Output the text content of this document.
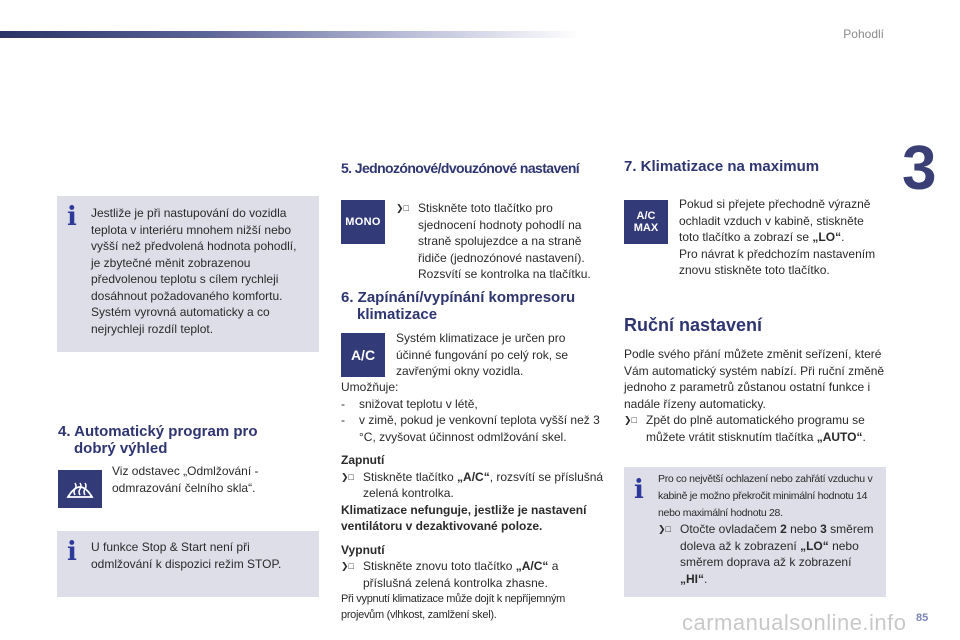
Pohodlí
3
i Jestliže je při nastupování do vozidla teplota v interiéru mnohem nižší nebo vyšší než předvolená hodnota pohodlí, je zbytečné měnit zobrazenou předvolenou teplotu s cílem rychleji dosáhnout požadovaného komfortu. Systém vyrovná automaticky a co nejrychleji rozdíl teplot.
4. Automatický program pro
dobrý výhled
Viz odstavec „Odmlžování - odmrazování čelního skla“.
i U funkce Stop & Start není při odmlžování k dispozici režim STOP.
5. Jednozónové/dvouzónové nastavení
MONO
❯□ Stiskněte toto tlačítko pro sjednocení hodnoty pohodlí na straně spolujezdce a na straně řidiče (jednozónové nastavení). Rozsvítí se kontrolka na tlačítku.
6. Zapínání/vypínání kompresoru
klimatizace
A/C
Systém klimatizace je určen pro účinné fungování po celý rok, se zavřenými okny vozidla.

Umožňuje:

-	snižovat teplotu v létě,
-	v zimě, pokud je venkovní teplota vyšší než 3 °C, zvyšovat účinnost odmlžování skel.

Zapnutí

❯□ Stiskněte tlačítko „A/C“, rozsvítí se příslušná zelená kontrolka.

Klimatizace nefunguje, jestliže je nastavení ventilátoru v dezaktivované poloze.

Vypnutí

❯□ Stiskněte znovu toto tlačítko „A/C“ a příslušná zelená kontrolka zhasne.

Při vypnutí klimatizace může dojít k nepříjemným projevům (vlhkost, zamlžení skel).

7. Klimatizace na maximum
A/C
MAX

Pokud si přejete přechodně výrazně ochladit vzduch v kabině, stiskněte toto tlačítko a zobrazí se „LO“.

Pro návrat k předchozím nastavením znovu stiskněte toto tlačítko.

Ruční nastavení

Podle svého přání můžete změnit seřízení, které Vám automatický systém nabízí. Při ruční změně jednoho z parametrů zůstanou ostatní funkce i nadále řízeny automaticky.

❯□ Zpět do plně automatického programu se můžete vrátit stisknutím tlačítka „AUTO“.
i Pro co největší ochlazení nebo zahřátí vzduchu v kabině je možno překročit minimální hodnotu 14 nebo maximální hodnotu 28.
❯□ Otočte ovladačem 2 nebo 3 směrem doleva až k zobrazení „LO“ nebo směrem doprava až k zobrazení „HI“.
carmanualsonline.info 85
